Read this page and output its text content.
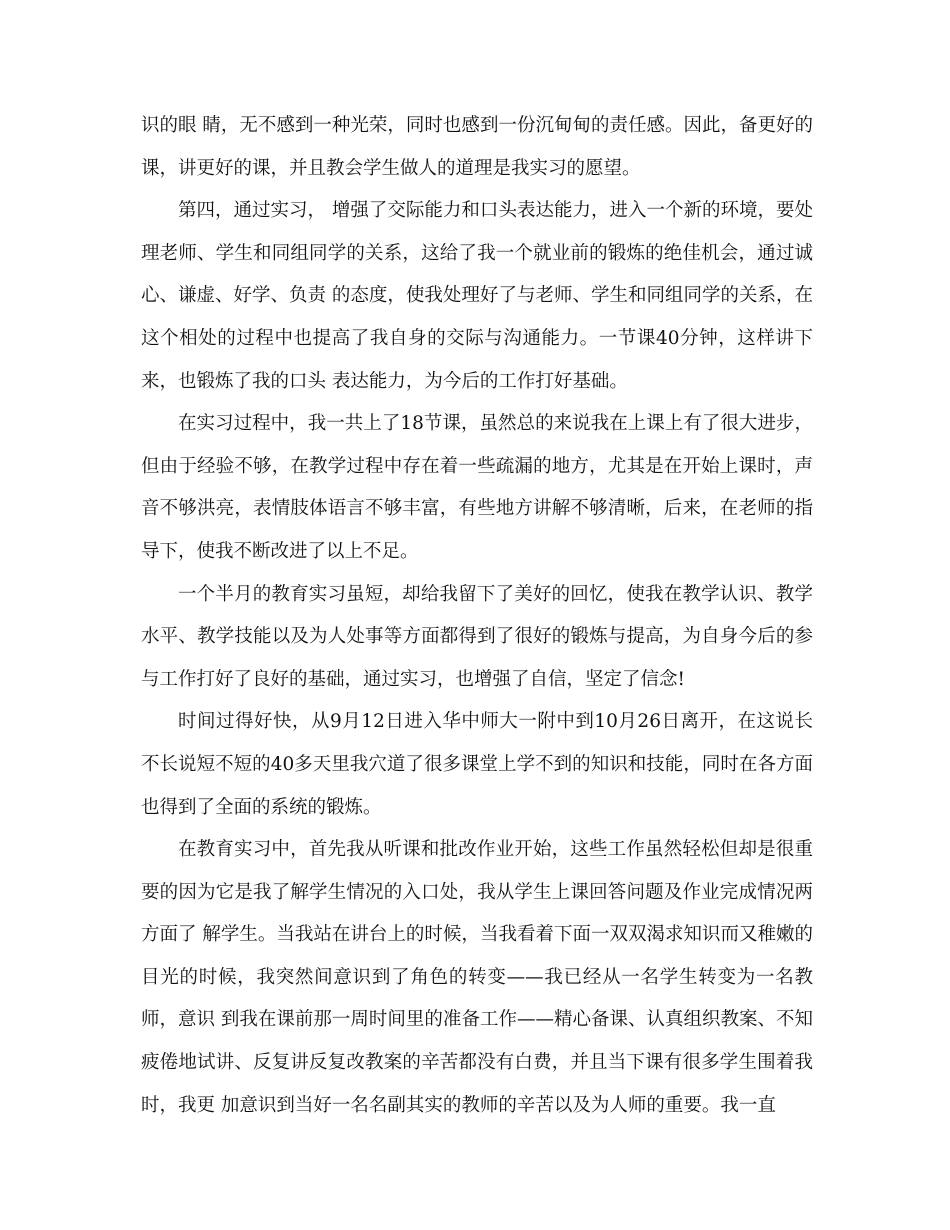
识的眼 睛，无不感到一种光荣，同时也感到一份沉甸甸的责任感。因此，备更好的课，讲更好的课，并且教会学生做人的道理是我实习的愿望。

第四，通过实习， 增强了交际能力和口头表达能力，进入一个新的环境，要处理老师、学生和同组同学的关系，这给了我一个就业前的锻炼的绝佳机会，通过诚心、谦虚、好学、负责 的态度，使我处理好了与老师、学生和同组同学的关系，在这个相处的过程中也提高了我自身的交际与沟通能力。一节课40分钟，这样讲下来，也锻炼了我的口头 表达能力，为今后的工作打好基础。

在实习过程中，我一共上了18节课，虽然总的来说我在上课上有了很大进步，但由于经验不够，在教学过程中存在着一些疏漏的地方，尤其是在开始上课时，声音不够洪亮，表情肢体语言不够丰富，有些地方讲解不够清晰，后来，在老师的指导下，使我不断改进了以上不足。

一个半月的教育实习虽短，却给我留下了美好的回忆，使我在教学认识、教学水平、教学技能以及为人处事等方面都得到了很好的锻炼与提高，为自身今后的参与工作打好了良好的基础，通过实习，也增强了自信，坚定了信念!

时间过得好快，从9月12日进入华中师大一附中到10月26日离开，在这说长不长说短不短的40多天里我穴道了很多课堂上学不到的知识和技能，同时在各方面也得到了全面的系统的锻炼。

在教育实习中，首先我从听课和批改作业开始，这些工作虽然轻松但却是很重要的因为它是我了解学生情况的入口处，我从学生上课回答问题及作业完成情况两方面了 解学生。当我站在讲台上的时候，当我看着下面一双双渴求知识而又稚嫩的目光的时候，我突然间意识到了角色的转变——我已经从一名学生转变为一名教师，意识 到我在课前那一周时间里的准备工作——精心备课、认真组织教案、不知疲倦地试讲、反复讲反复改教案的辛苦都没有白费，并且当下课有很多学生围着我时，我更 加意识到当好一名名副其实的教师的辛苦以及为人师的重要。我一直
